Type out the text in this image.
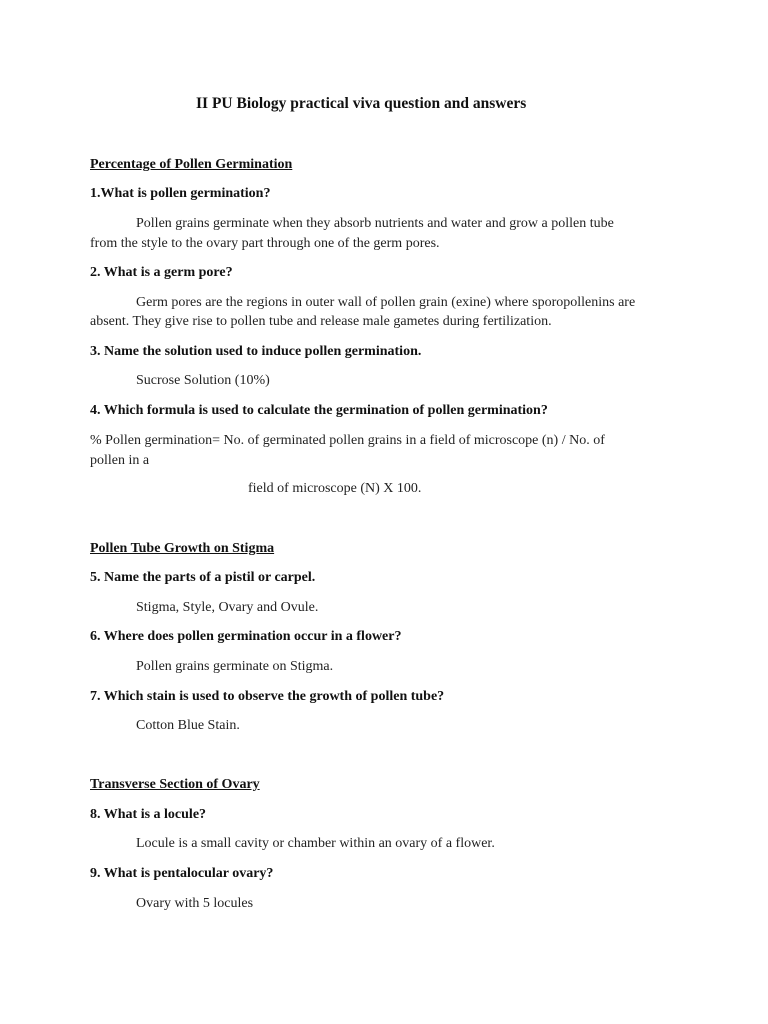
II PU Biology practical viva question and answers
Percentage of Pollen Germination
1.What is pollen germination?
Pollen grains germinate when they absorb nutrients and water and grow a pollen tube
from the style to the ovary part through one of the germ pores.
2. What is a germ pore?
Germ pores are the regions in outer wall of pollen grain (exine) where sporopollenins are
absent. They give rise to pollen tube and release male gametes during fertilization.
3. Name the solution used to induce pollen germination.
Sucrose Solution (10%)
4. Which formula is used to calculate the germination of pollen germination?
% Pollen germination= No. of germinated pollen grains in a field of microscope (n) / No. of
pollen in a
field of microscope (N) X 100.
Pollen Tube Growth on Stigma
5. Name the parts of a pistil or carpel.
Stigma, Style, Ovary and Ovule.
6. Where does pollen germination occur in a flower?
Pollen grains germinate on Stigma.
7. Which stain is used to observe the growth of pollen tube?
Cotton Blue Stain.
Transverse Section of Ovary
8. What is a locule?
Locule is a small cavity or chamber within an ovary of a flower.
9. What is pentalocular ovary?
Ovary with 5 locules
